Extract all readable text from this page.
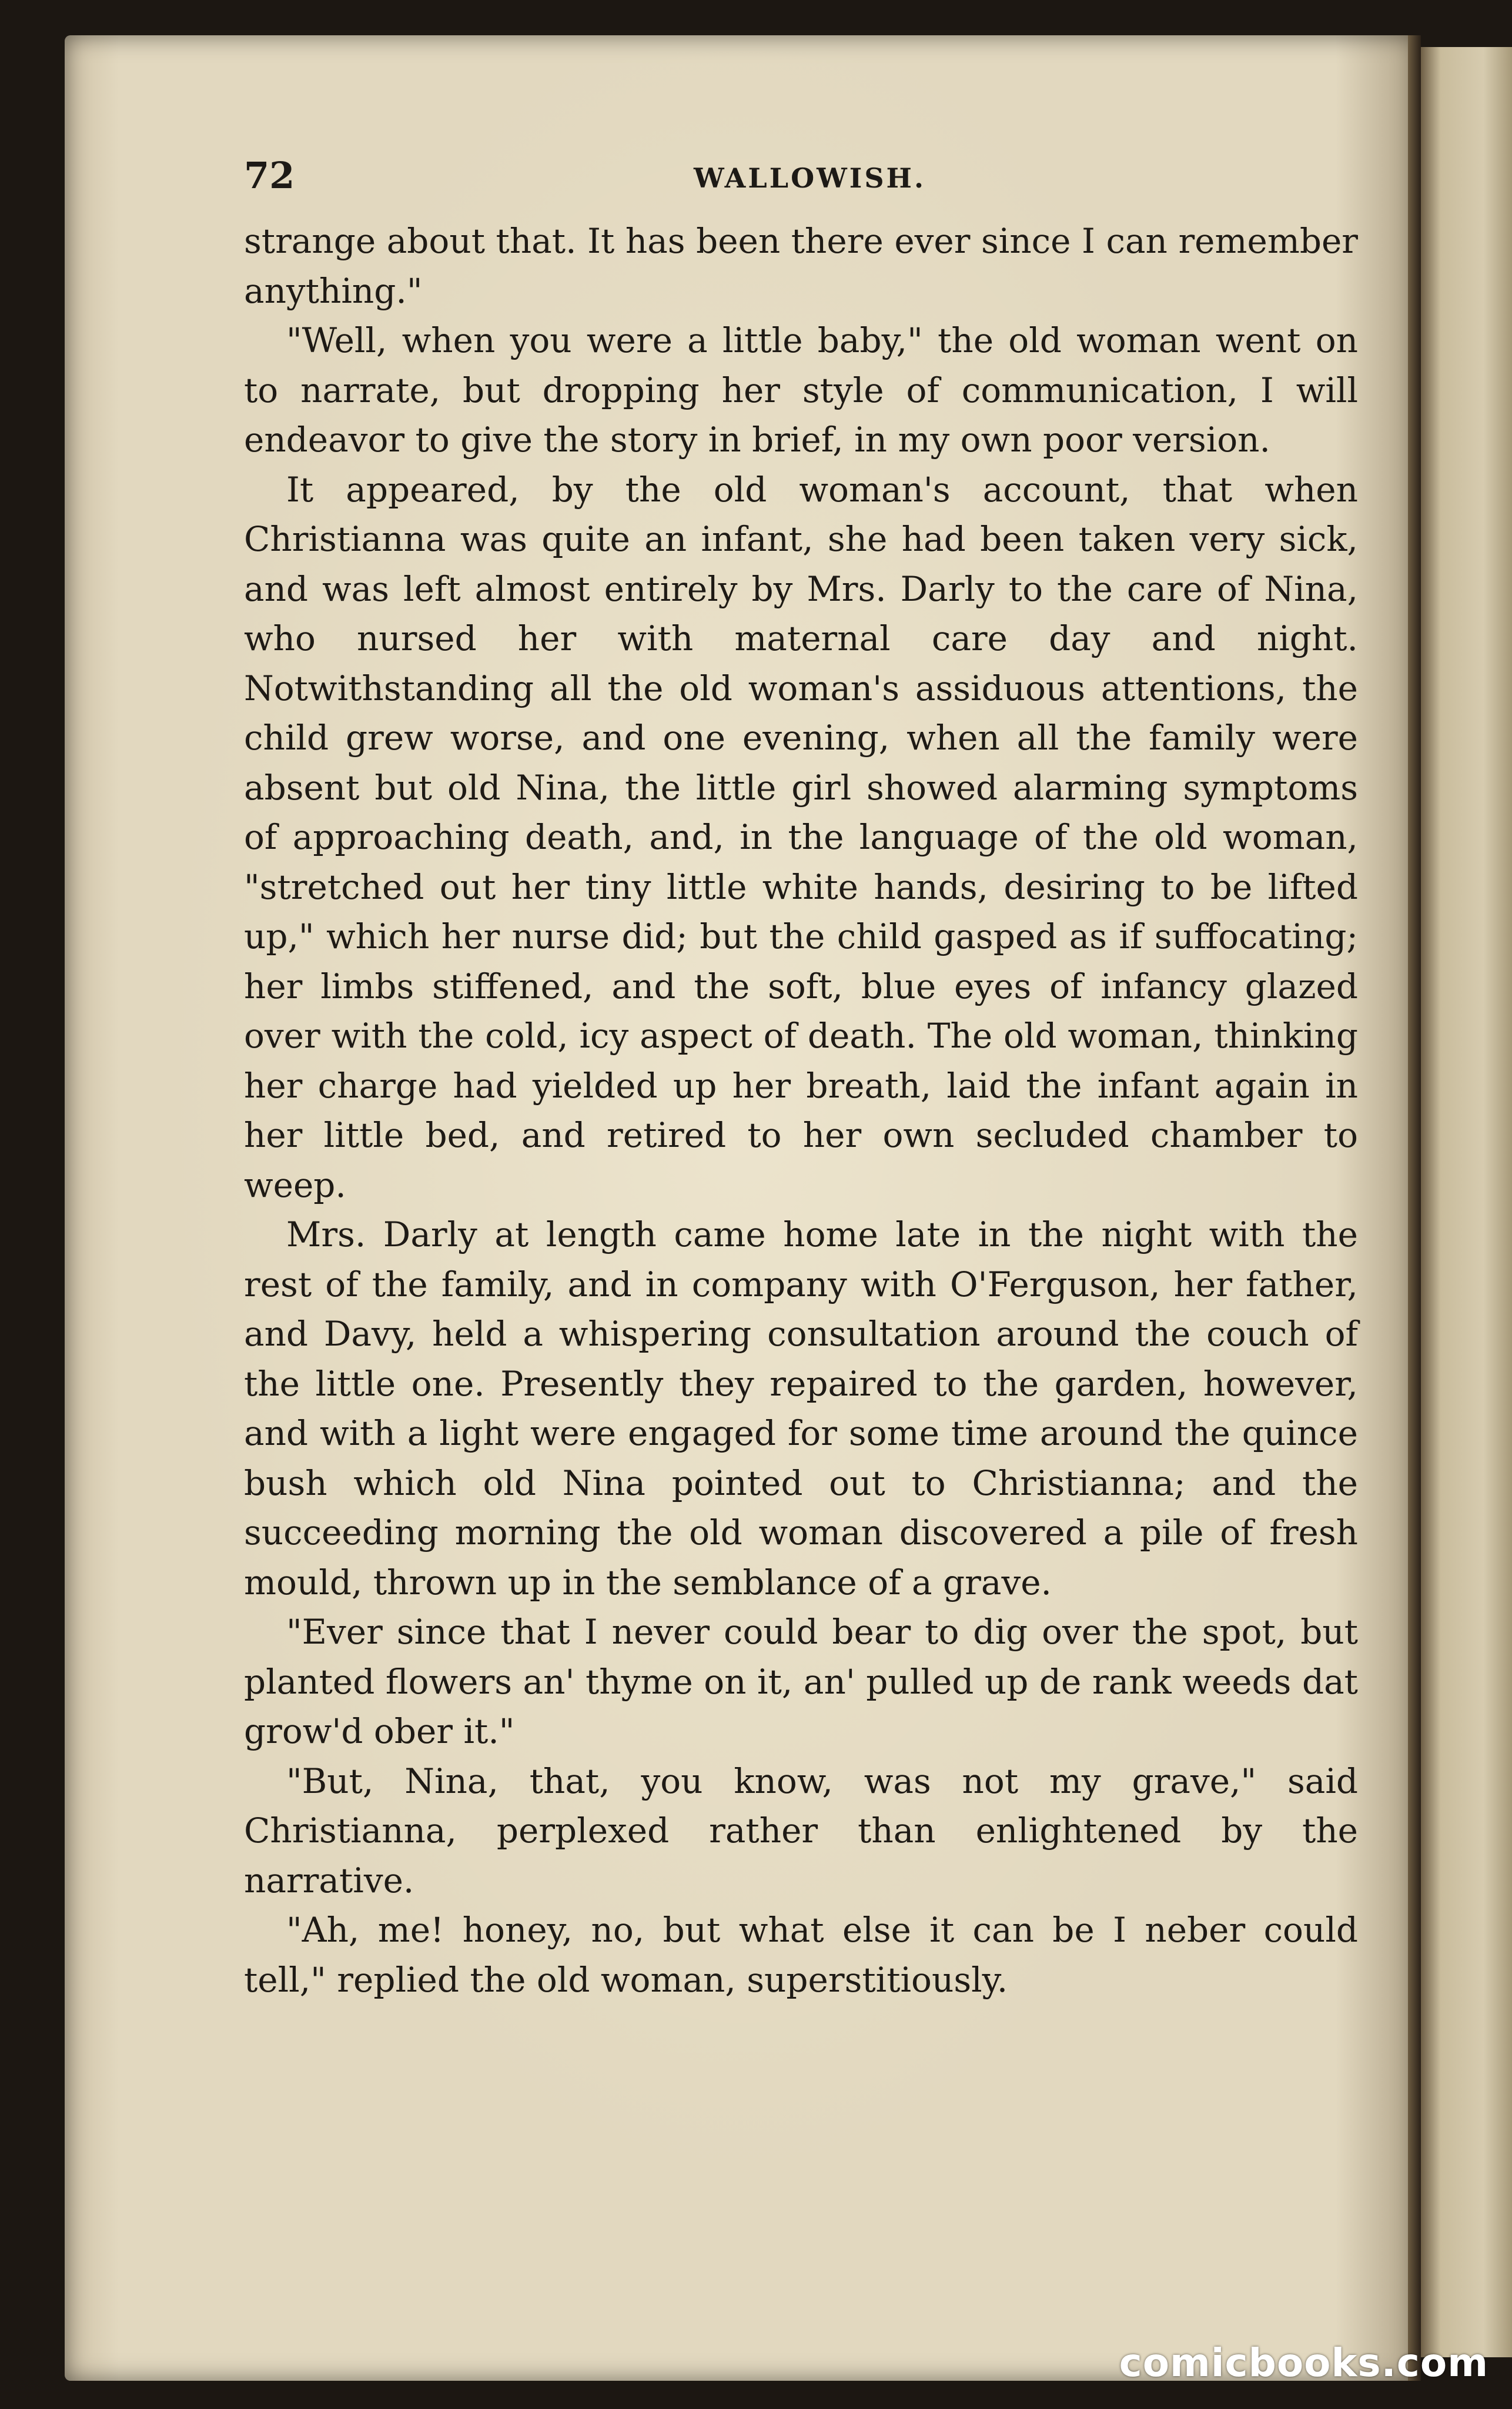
72	WALLOWISH.

strange about that. It has been there ever since I can remember anything."

"Well, when you were a little baby," the old woman went on to narrate, but dropping her style of communication, I will endeavor to give the story in brief, in my own poor version.

It appeared, by the old woman's account, that when Christianna was quite an infant, she had been taken very sick, and was left almost entirely by Mrs. Darly to the care of Nina, who nursed her with maternal care day and night. Notwithstanding all the old woman's assiduous attentions, the child grew worse, and one evening, when all the family were absent but old Nina, the little girl showed alarming symptoms of approaching death, and, in the language of the old woman, "stretched out her tiny little white hands, desiring to be lifted up," which her nurse did; but the child gasped as if suffocating; her limbs stiffened, and the soft, blue eyes of infancy glazed over with the cold, icy aspect of death. The old woman, thinking her charge had yielded up her breath, laid the infant again in her little bed, and retired to her own secluded chamber to weep.

Mrs. Darly at length came home late in the night with the rest of the family, and in company with O'Ferguson, her father, and Davy, held a whispering consultation around the couch of the little one. Presently they repaired to the garden, however, and with a light were engaged for some time around the quince bush which old Nina pointed out to Christianna; and the succeeding morning the old woman discovered a pile of fresh mould, thrown up in the semblance of a grave.

"Ever since that I never could bear to dig over the spot, but planted flowers an' thyme on it, an' pulled up de rank weeds dat grow'd ober it."

"But, Nina, that, you know, was not my grave," said Christianna, perplexed rather than enlightened by the narrative.

"Ah, me! honey, no, but what else it can be I neber could tell," replied the old woman, superstitiously.

comicbooks.com
